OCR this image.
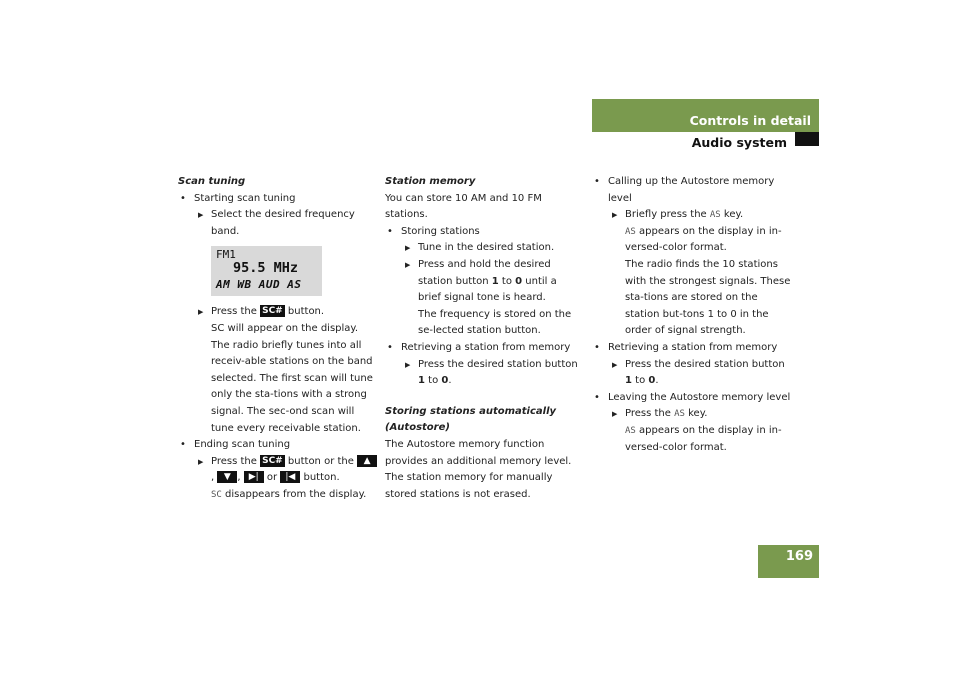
Controls in detail
Audio system

Scan tuning

• Starting scan tuning

▶ Select the desired frequency band.

FM1
95.5 MHz
AM WB AUD AS

▶ Press the SC# button.

SC will appear on the display. The radio briefly tunes into all receiv-able stations on the band selected. The first scan will tune only the sta-tions with a strong signal. The sec-ond scan will tune every receivable station.

• Ending scan tuning

▶ Press the SC# button or the ▲, ▼ , ▶| or |◀ button.

SC disappears from the display.

Station memory

You can store 10 AM and 10 FM stations.

• Storing stations

▶ Tune in the desired station.

▶ Press and hold the desired station button 1 to 0 until a brief signal tone is heard.

The frequency is stored on the se-lected station button.

• Retrieving a station from memory

▶ Press the desired station button 1 to 0.

Storing stations automatically (Autostore)

The Autostore memory function provides an additional memory level. The station memory for manually stored stations is not erased.

• Calling up the Autostore memory level

▶ Briefly press the AS key.

AS appears on the display in in-versed-color format.

The radio finds the 10 stations with the strongest signals. These sta-tions are stored on the station but-tons 1 to 0 in the order of signal strength.

• Retrieving a station from memory

▶ Press the desired station button 1 to 0.

• Leaving the Autostore memory level

▶ Press the AS key.

AS appears on the display in in-versed-color format.

169
